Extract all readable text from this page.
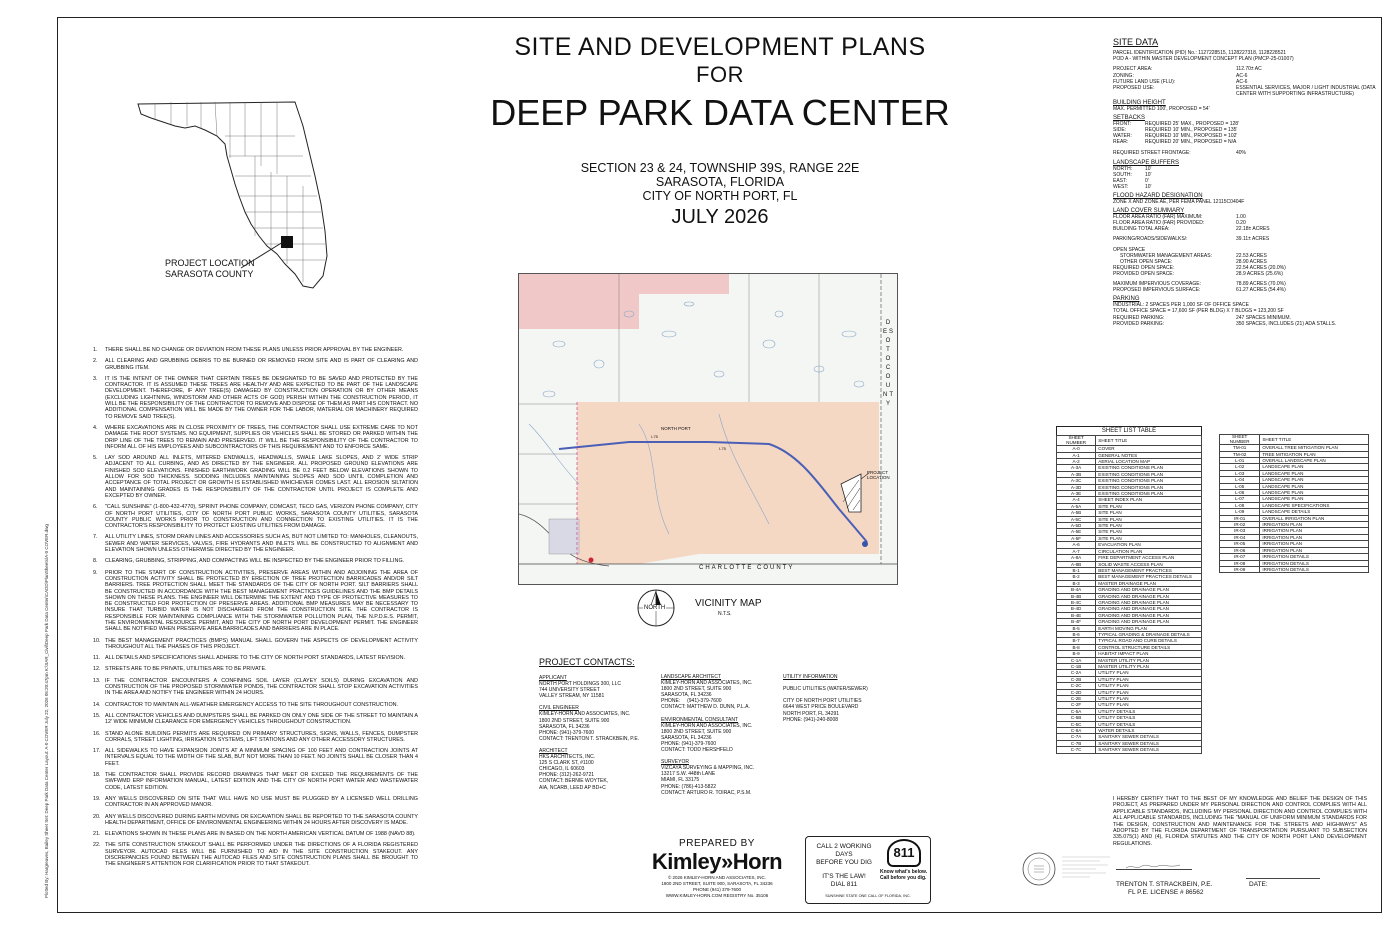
Plotted By: Hargreaves, Bailey Sheet Set: Deep Park Data Center Layout: A-0 COVER July 22, 2026 05:20:47pm K:\SAR_Civil\Deep Park Data Center\CADD\PlanSheets\A-0 COVER.dwg
SITE AND DEVELOPMENT PLANS
FOR
DEEP PARK DATA CENTER
SECTION 23 & 24, TOWNSHIP 39S, RANGE 22E
SARASOTA, FLORIDA
CITY OF NORTH PORT, FL
JULY 2026
PROJECT LOCATION
SARASOTA COUNTY
DESOTO COUNTY
CHARLOTTE COUNTY
PROJECT LOCATION
NORTH PORT
I-75
I-75
NORTH	VICINITY MAP
N.T.S.
1.	THERE SHALL BE NO CHANGE OR DEVIATION FROM THESE PLANS UNLESS PRIOR APPROVAL BY THE ENGINEER.
2.	ALL CLEARING AND GRUBBING DEBRIS TO BE BURNED OR REMOVED FROM SITE AND IS PART OF CLEARING AND GRUBBING ITEM.
3.	IT IS THE INTENT OF THE OWNER THAT CERTAIN TREES BE DESIGNATED TO BE SAVED AND PROTECTED BY THE CONTRACTOR. IT IS ASSUMED THESE TREES ARE HEALTHY AND ARE EXPECTED TO BE PART OF THE LANDSCAPE DEVELOPMENT. THEREFORE, IF ANY TREE(S) DAMAGED BY CONSTRUCTION OPERATION OR BY OTHER MEANS (EXCLUDING LIGHTNING, WINDSTORM AND OTHER ACTS OF GOD) PERISH WITHIN THE CONSTRUCTION PERIOD, IT WILL BE THE RESPONSIBILITY OF THE CONTRACTOR TO REMOVE AND DISPOSE OF THEM AS PART HIS CONTRACT. NO ADDITIONAL COMPENSATION WILL BE MADE BY THE OWNER FOR THE LABOR, MATERIAL OR MACHINERY REQUIRED TO REMOVE SAID TREE(S).
4.	WHERE EXCAVATIONS ARE IN CLOSE PROXIMITY OF TREES, THE CONTRACTOR SHALL USE EXTREME CARE TO NOT DAMAGE THE ROOT SYSTEMS. NO EQUIPMENT, SUPPLIES OR VEHICLES SHALL BE STORED OR PARKED WITHIN THE DRIP LINE OF THE TREES TO REMAIN AND PRESERVED. IT WILL BE THE RESPONSIBILITY OF THE CONTRACTOR TO INFORM ALL OF HIS EMPLOYEES AND SUBCONTRACTORS OF THIS REQUIREMENT AND TO ENFORCE SAME.
5.	LAY SOD AROUND ALL INLETS, MITERED ENDWALLS, HEADWALLS, SWALE LAKE SLOPES, AND 2' WIDE STRIP ADJACENT TO ALL CURBING, AND AS DIRECTED BY THE ENGINEER. ALL PROPOSED GROUND ELEVATIONS ARE FINISHED SOD ELEVATIONS. FINISHED EARTHWORK GRADING WILL BE 0.2 FEET BELOW ELEVATIONS SHOWN TO ALLOW FOR SOD THICKNESS. SODDING INCLUDES MAINTAINING SLOPES AND SOD UNTIL COMPLETION AND ACCEPTANCE OF TOTAL PROJECT OR GROWTH IS ESTABLISHED WHICHEVER COMES LAST. ALL EROSION SILTATION AND MAINTAINING GRADES IS THE RESPONSIBILITY OF THE CONTRACTOR UNTIL PROJECT IS COMPLETE AND EXCEPTED BY OWNER.
6.	"CALL SUNSHINE" (1-800-432-4770), SPRINT PHONE COMPANY, COMCAST, TECO GAS, VERIZON PHONE COMPANY, CITY OF NORTH PORT UTILITIES, CITY OF NORTH PORT PUBLIC WORKS, SARASOTA COUNTY UTILITIES, SARASOTA COUNTY PUBLIC WORKS PRIOR TO CONSTRUCTION AND CONNECTION TO EXISTING UTILITIES. IT IS THE CONTRACTOR'S RESPONSIBILITY TO PROTECT EXISTING UTILITIES FROM DAMAGE.
7.	ALL UTILITY LINES, STORM DRAIN LINES AND ACCESSORIES SUCH AS, BUT NOT LIMITED TO: MANHOLES, CLEANOUTS, SEWER AND WATER SERVICES, VALVES, FIRE HYDRANTS AND INLETS WILL BE CONSTRUCTED TO ALIGNMENT AND ELEVATION SHOWN UNLESS OTHERWISE DIRECTED BY THE ENGINEER.
8.	CLEARING, GRUBBING, STRIPPING, AND COMPACTING WILL BE INSPECTED BY THE ENGINEER PRIOR TO FILLING.
9.	PRIOR TO THE START OF CONSTRUCTION ACTIVITIES, PRESERVE AREAS WITHIN AND ADJOINING THE AREA OF CONSTRUCTION ACTIVITY SHALL BE PROTECTED BY ERECTION OF TREE PROTECTION BARRICADES AND/OR SILT BARRIERS. TREE PROTECTION SHALL MEET THE STANDARDS OF THE CITY OF NORTH PORT. SILT BARRIERS SHALL BE CONSTRUCTED IN ACCORDANCE WITH THE BEST MANAGEMENT PRACTICES GUIDELINES AND THE BMP DETAILS SHOWN ON THESE PLANS. THE ENGINEER WILL DETERMINE THE EXTENT AND TYPE OF PROTECTIVE MEASURES TO BE CONSTRUCTED FOR PROTECTION OF PRESERVE AREAS. ADDITIONAL BMP MEASURES MAY BE NECESSARY TO INSURE THAT TURBID WATER IS NOT DISCHARGED FROM THE CONSTRUCTION SITE. THE CONTRACTOR IS RESPONSIBLE FOR MAINTAINING COMPLIANCE WITH THE STORMWATER POLLUTION PLAN, THE N.P.D.E.S. PERMIT, THE ENVIRONMENTAL RESOURCE PERMIT, AND THE CITY OF NORTH PORT DEVELOPMENT PERMIT. THE ENGINEER SHALL BE NOTIFIED WHEN PRESERVE AREA BARRICADES AND BARRIERS ARE IN PLACE.
10. THE BEST MANAGEMENT PRACTICES (BMPS) MANUAL SHALL GOVERN THE ASPECTS OF DEVELOPMENT ACTIVITY THROUGHOUT ALL THE PHASES OF THIS PROJECT.
11. ALL DETAILS AND SPECIFICATIONS SHALL ADHERE TO THE CITY OF NORTH PORT STANDARDS, LATEST REVISION.
12. STREETS ARE TO BE PRIVATE, UTILITIES ARE TO BE PRIVATE.
13. IF THE CONTRACTOR ENCOUNTERS A CONFINING SOIL LAYER (CLAYEY SOILS) DURING EXCAVATION AND CONSTRUCTION OF THE PROPOSED STORMWATER PONDS, THE CONTRACTOR SHALL STOP EXCAVATION ACTIVITIES IN THE AREA AND NOTIFY THE ENGINEER WITHIN 24 HOURS.
14. CONTRACTOR TO MAINTAIN ALL-WEATHER EMERGENCY ACCESS TO THE SITE THROUGHOUT CONSTRUCTION.
15. ALL CONTRACTOR VEHICLES AND DUMPSTERS SHALL BE PARKED ON ONLY ONE SIDE OF THE STREET TO MAINTAIN A 12' WIDE MINIMUM CLEARANCE FOR EMERGENCY VEHICLES THROUGHOUT CONSTRUCTION.
16. STAND ALONE BUILDING PERMITS ARE REQUIRED ON PRIMARY STRUCTURES, SIGNS, WALLS, FENCES, DUMPSTER CORRALS, STREET LIGHTING, IRRIGATION SYSTEMS, LIFT STATIONS AND ANY OTHER ACCESSORY STRUCTURES.
17. ALL SIDEWALKS TO HAVE EXPANSION JOINTS AT A MINIMUM SPACING OF 100 FEET AND CONTRACTION JOINTS AT INTERVALS EQUAL TO THE WIDTH OF THE SLAB, BUT NOT MORE THAN 10 FEET. NO JOINTS SHALL BE CLOSER THAN 4 FEET.
18. THE CONTRACTOR SHALL PROVIDE RECORD DRAWINGS THAT MEET OR EXCEED THE REQUIREMENTS OF THE SWFWMD ERP INFORMATION MANUAL, LATEST EDITION AND THE CITY OF NORTH PORT WATER AND WASTEWATER CODE, LATEST EDITION.
19. ANY WELLS DISCOVERED ON SITE THAT WILL HAVE NO USE MUST BE PLUGGED BY A LICENSED WELL DRILLING CONTRACTOR IN AN APPROVED MANOR.
20. ANY WELLS DISCOVERED DURING EARTH MOVING OR EXCAVATION SHALL BE REPORTED TO THE SARASOTA COUNTY HEALTH DEPARTMENT, OFFICE OF ENVIRONMENTAL ENGINEERING WITHIN 24 HOURS AFTER DISCOVERY IS MADE.
21. ELEVATIONS SHOWN IN THESE PLANS ARE IN BASED ON THE NORTH AMERICAN VERTICAL DATUM OF 1988 (NAVD 88).
22. THE SITE CONSTRUCTION STAKEOUT SHALL BE PERFORMED UNDER THE DIRECTIONS OF A FLORIDA REGISTERED SURVEYOR. AUTOCAD FILES WILL BE FURNISHED TO AID IN THE SITE CONSTRUCTION STAKEOUT. ANY DISCREPANCIES FOUND BETWEEN THE AUTOCAD FILES AND SITE CONSTRUCTION PLANS SHALL BE BROUGHT TO THE ENGINEER'S ATTENTION FOR CLARIFICATION PRIOR TO THAT STAKEOUT.
SITE DATA
PARCEL IDENTIFICATION (PID) No.: 1127228515, 1128227318, 1128228521
POD A - WITHIN MASTER DEVELOPMENT CONCEPT PLAN (PMCP-25-01007)
PROJECT AREA:	112.70± AC
ZONING:	AC-6
FUTURE LAND USE (FLU):	AC-6
PROPOSED USE:	ESSENTIAL SERVICES, MAJOR / LIGHT INDUSTRIAL (DATA CENTER WITH SUPPORTING INFRASTRUCTURE)
BUILDING HEIGHT
MAX. PERMITTED 100', PROPOSED = 54'
SETBACKS
FRONT:	REQUIRED 25' MAX., PROPOSED = 128'
SIDE:	REQUIRED 10' MIN., PROPOSED = 135'
WATER:	REQUIRED 10' MIN., PROPOSED = 102'
REAR:	REQUIRED 20' MIN., PROPOSED = N/A
REQUIRED STREET FRONTAGE:	40%
LANDSCAPE BUFFERS
NORTH:	10'
SOUTH:	10'
EAST:	0'
WEST:	10'
FLOOD HAZARD DESIGNATION
ZONE X AND ZONE AE, PER FEMA PANEL 12115C0404F
LAND COVER SUMMARY
FLOOR AREA RATIO (FAR) MAXIMUM:	1.00
FLOOR AREA RATIO (FAR) PROVIDED:	0.20
BUILDING TOTAL AREA:	22.18± ACRES
PARKING/ROADS/SIDEWALKS/:	39.11± ACRES
OPEN SPACE
STORMWATER MANAGEMENT AREAS:	22.53 ACRES
OTHER OPEN SPACE:	28.90 ACRES
REQUIRED OPEN SPACE:	22.54 ACRES (20.0%)
PROVIDED OPEN SPACE:	28.9 ACRES (25.6%)
MAXIMUM IMPERVIOUS COVERAGE:	78.89 ACRES (70.0%)
PROPOSED IMPERVIOUS SURFACE:	61.27 ACRES (54.4%)
PARKING
INDUSTRIAL: 2 SPACES PER 1,000 SF OF OFFICE SPACE
TOTAL OFFICE SPACE = 17,600 SF (PER BLDG) X 7 BLDGS = 123,200 SF
REQUIRED PARKING:	247 SPACES MINIMUM.
PROVIDED PARKING:	350 SPACES, INCLUDES (21) ADA STALLS.
SHEET LIST TABLE
SHEET NUMBER	SHEET TITLE
A-0	COVER
A-1	GENERAL NOTES
A-2	AERIAL LOCATION MAP
A-3A	EXISTING CONDITIONS PLAN
A-3B	EXISTING CONDITIONS PLAN
A-3C	EXISTING CONDITIONS PLAN
A-3D	EXISTING CONDITIONS PLAN
A-3E	EXISTING CONDITIONS PLAN
A-4	SHEET INDEX PLAN
A-5A	SITE PLAN
A-5B	SITE PLAN
A-5C	SITE PLAN
A-5D	SITE PLAN
A-5E	SITE PLAN
A-5F	SITE PLAN
A-6	EVACUATION PLAN
A-7	CIRCULATION PLAN
A-8A	FIRE DEPARTMENT ACCESS PLAN
A-8B	SOLID WASTE ACCESS PLAN
B-1	BEST MANAGEMENT PRACTICES
B-2	BEST MANAGEMENT PRACTICES DETAILS
B-3	MASTER DRAINAGE PLAN
B-4A	GRADING AND DRAINAGE PLAN
B-4B	GRADING AND DRAINAGE PLAN
B-4C	GRADING AND DRAINAGE PLAN
B-4D	GRADING AND DRAINAGE PLAN
B-4E	GRADING AND DRAINAGE PLAN
B-4F	GRADING AND DRAINAGE PLAN
B-5	EARTH MOVING PLAN
B-6	TYPICAL GRADING & DRAINAGE DETAILS
B-7	TYPICAL ROAD AND CURB DETAILS
B-8	CONTROL STRUCTURE DETAILS
B-9	HABITAT IMPACT PLAN
C-1A	MASTER UTILITY PLAN
C-1B	MASTER UTILITY PLAN
C-2A	UTILITY PLAN
C-2B	UTILITY PLAN
C-2C	UTILITY PLAN
C-2D	UTILITY PLAN
C-2E	UTILITY PLAN
C-2F	UTILITY PLAN
C-5A	UTILITY DETAILS
C-5B	UTILITY DETAILS
C-5C	UTILITY DETAILS
C-6A	WATER DETAILS
C-7A	SANITARY SEWER DETAILS
C-7B	SANITARY SEWER DETAILS
C-7C	SANITARY SEWER DETAILS
SHEET NUMBER	SHEET TITLE
TM-01	OVERALL TREE MITIGATION PLAN
TM-02	TREE MITIGATION PLAN
L-01	OVERALL LANDSCAPE PLAN
L-02	LANDSCAPE PLAN
L-03	LANDSCAPE PLAN
L-04	LANDSCAPE PLAN
L-05	LANDSCAPE PLAN
L-06	LANDSCAPE PLAN
L-07	LANDSCAPE PLAN
L-08	LANDSCAPE SPECIFICATIONS
L-09	LANDSCAPE DETAILS
IR-01	OVERALL IRRIGATION PLAN
IR-02	IRRIGATION PLAN
IR-03	IRRIGATION PLAN
IR-04	IRRIGATION PLAN
IR-05	IRRIGATION PLAN
IR-06	IRRIGATION PLAN
IR-07	IRRIGATION DETAILS
IR-08	IRRIGATION DETAILS
IR-09	IRRIGATION DETAILS
PROJECT CONTACTS:
APPLICANT
NORTH PORT HOLDINGS 300, LLC
744 UNIVERSITY STREET
VALLEY STREAM, NY 11581
CIVIL ENGINEER
KIMLEY-HORN AND ASSOCIATES, INC.
1800 2ND STREET, SUITE 900
SARASOTA, FL 34236
PHONE: (941)-379-7600
CONTACT: TRENTON T. STRACKBEIN, P.E.
ARCHITECT
HKS ARCHITECTS, INC.
125 S CLARK ST, #1100
CHICAGO, IL 60603
PHONE: (312)-262-9721
CONTACT: BERNIE WOYTEK,
AIA, NCARB, LEED AP BD+C
LANDSCAPE ARCHITECT
KIMLEY-HORN AND ASSOCIATES, INC.
1800 2ND STREET, SUITE 900
SARASOTA, FL 34236
PHONE:     (941)-379-7600
CONTACT: MATTHEW D. DUNN, P.L.A.
ENVIRONMENTAL CONSULTANT
KIMLEY-HORN AND ASSOCIATES, INC.
1800 2ND STREET, SUITE 900
SARASOTA, FL 34236
PHONE: (941)-379-7600
CONTACT: TODD HERSHFELD
SURVEYOR
VIZCAYA SURVEYING & MAPPING, INC.
13217 S.W. 448th LANE
MIAMI, FL 33175
PHONE: (786)-413-5822
CONTACT: ARTURO R. TOIRAC, P.S.M.
UTILITY INFORMATION
PUBLIC UTILITIES (WATER/SEWER)
CITY OF NORTH PORT UTILITIES
6644 WEST PRICE BOULEVARD
NORTH PORT, FL 34291
PHONE: (941)-240-8008
PREPARED BY
Kimley»Horn
© 2026 KIMLEY-HORN AND ASSOCIATES, INC.
1800 2ND STREET, SUITE 900, SARASOTA, FL 34236
PHONE (941) 379-7600
WWW.KIMLEY-HORN.COM REGISTRY No. 35106
CALL 2 WORKING DAYS
BEFORE YOU DIG
IT'S THE LAW!
DIAL 811
811
Know what's below.
Call before you dig.
SUNSHINE STATE ONE CALL OF FLORIDA, INC.
I HEREBY CERTIFY THAT TO THE BEST OF MY KNOWLEDGE AND BELIEF THE DESIGN OF THIS PROJECT, AS PREPARED UNDER MY PERSONAL DIRECTION AND CONTROL COMPLIES WITH ALL APPLICABLE STANDARDS, INCLUDING MY PERSONAL DIRECTION AND CONTROL COMPLIES WITH ALL APPLICABLE STANDARDS, INCLUDING THE "MANUAL OF UNIFORM MINIMUM STANDARDS FOR THE DESIGN, CONSTRUCTION AND MAINTENANCE FOR THE STREETS AND HIGHWAYS" AS ADOPTED BY THE FLORIDA DEPARTMENT OF TRANSPORTATION PURSUANT TO SUBSECTION 335.075(1) AND (4), FLORIDA STATUTES AND THE CITY OF NORTH PORT LAND DEVELOPMENT REGULATIONS.
TRENTON T. STRACKBEIN, P.E.
FL P.E. LICENSE # 86562
DATE:
